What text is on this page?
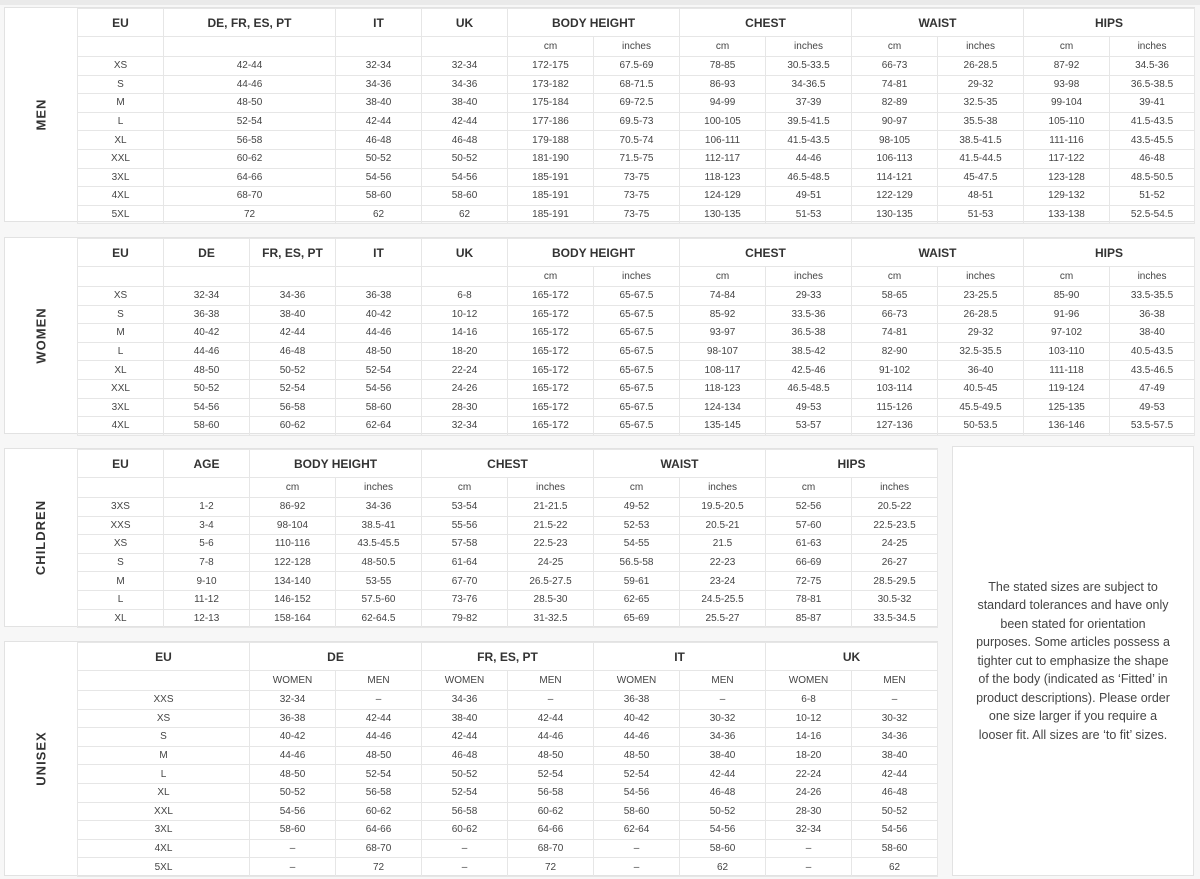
MEN
EU	DE, FR, ES, PT	IT	UK	BODY HEIGHT		CHEST		WAIST		HIPS	
				cm	inches	cm	inches	cm	inches	cm	inches
XS	42-44	32-34	32-34	172-175	67.5-69	78-85	30.5-33.5	66-73	26-28.5	87-92	34.5-36
S	44-46	34-36	34-36	173-182	68-71.5	86-93	34-36.5	74-81	29-32	93-98	36.5-38.5
M	48-50	38-40	38-40	175-184	69-72.5	94-99	37-39	82-89	32.5-35	99-104	39-41
L	52-54	42-44	42-44	177-186	69.5-73	100-105	39.5-41.5	90-97	35.5-38	105-110	41.5-43.5
XL	56-58	46-48	46-48	179-188	70.5-74	106-111	41.5-43.5	98-105	38.5-41.5	111-116	43.5-45.5
XXL	60-62	50-52	50-52	181-190	71.5-75	112-117	44-46	106-113	41.5-44.5	117-122	46-48
3XL	64-66	54-56	54-56	185-191	73-75	118-123	46.5-48.5	114-121	45-47.5	123-128	48.5-50.5
4XL	68-70	58-60	58-60	185-191	73-75	124-129	49-51	122-129	48-51	129-132	51-52
5XL	72	62	62	185-191	73-75	130-135	51-53	130-135	51-53	133-138	52.5-54.5
WOMEN
EU	DE	FR, ES, PT	IT	UK	BODY HEIGHT		CHEST		WAIST		HIPS	
					cm	inches	cm	inches	cm	inches	cm	inches
XS	32-34	34-36	36-38	6-8	165-172	65-67.5	74-84	29-33	58-65	23-25.5	85-90	33.5-35.5
S	36-38	38-40	40-42	10-12	165-172	65-67.5	85-92	33.5-36	66-73	26-28.5	91-96	36-38
M	40-42	42-44	44-46	14-16	165-172	65-67.5	93-97	36.5-38	74-81	29-32	97-102	38-40
L	44-46	46-48	48-50	18-20	165-172	65-67.5	98-107	38.5-42	82-90	32.5-35.5	103-110	40.5-43.5
XL	48-50	50-52	52-54	22-24	165-172	65-67.5	108-117	42.5-46	91-102	36-40	111-118	43.5-46.5
XXL	50-52	52-54	54-56	24-26	165-172	65-67.5	118-123	46.5-48.5	103-114	40.5-45	119-124	47-49
3XL	54-56	56-58	58-60	28-30	165-172	65-67.5	124-134	49-53	115-126	45.5-49.5	125-135	49-53
4XL	58-60	60-62	62-64	32-34	165-172	65-67.5	135-145	53-57	127-136	50-53.5	136-146	53.5-57.5
CHILDREN
EU	AGE	BODY HEIGHT		CHEST		WAIST		HIPS	
		cm	inches	cm	inches	cm	inches	cm	inches
3XS	1-2	86-92	34-36	53-54	21-21.5	49-52	19.5-20.5	52-56	20.5-22
XXS	3-4	98-104	38.5-41	55-56	21.5-22	52-53	20.5-21	57-60	22.5-23.5
XS	5-6	110-116	43.5-45.5	57-58	22.5-23	54-55	21.5	61-63	24-25
S	7-8	122-128	48-50.5	61-64	24-25	56.5-58	22-23	66-69	26-27
M	9-10	134-140	53-55	67-70	26.5-27.5	59-61	23-24	72-75	28.5-29.5
L	11-12	146-152	57.5-60	73-76	28.5-30	62-65	24.5-25.5	78-81	30.5-32
XL	12-13	158-164	62-64.5	79-82	31-32.5	65-69	25.5-27	85-87	33.5-34.5
UNISEX
EU	DE		FR, ES, PT		IT		UK	
	WOMEN	MEN	WOMEN	MEN	WOMEN	MEN	WOMEN	MEN
XXS	32-34	–	34-36	–	36-38	–	6-8	–
XS	36-38	42-44	38-40	42-44	40-42	30-32	10-12	30-32
S	40-42	44-46	42-44	44-46	44-46	34-36	14-16	34-36
M	44-46	48-50	46-48	48-50	48-50	38-40	18-20	38-40
L	48-50	52-54	50-52	52-54	52-54	42-44	22-24	42-44
XL	50-52	56-58	52-54	56-58	54-56	46-48	24-26	46-48
XXL	54-56	60-62	56-58	60-62	58-60	50-52	28-30	50-52
3XL	58-60	64-66	60-62	64-66	62-64	54-56	32-34	54-56
4XL	–	68-70	–	68-70	–	58-60	–	58-60
5XL	–	72	–	72	–	62	–	62

The stated sizes are subject to standard tolerances and have only been stated for orientation purposes. Some articles possess a tighter cut to emphasize the shape of the body (indicated as ‘Fitted’ in product descriptions). Please order one size larger if you require a looser fit. All sizes are ‘to fit’ sizes.
